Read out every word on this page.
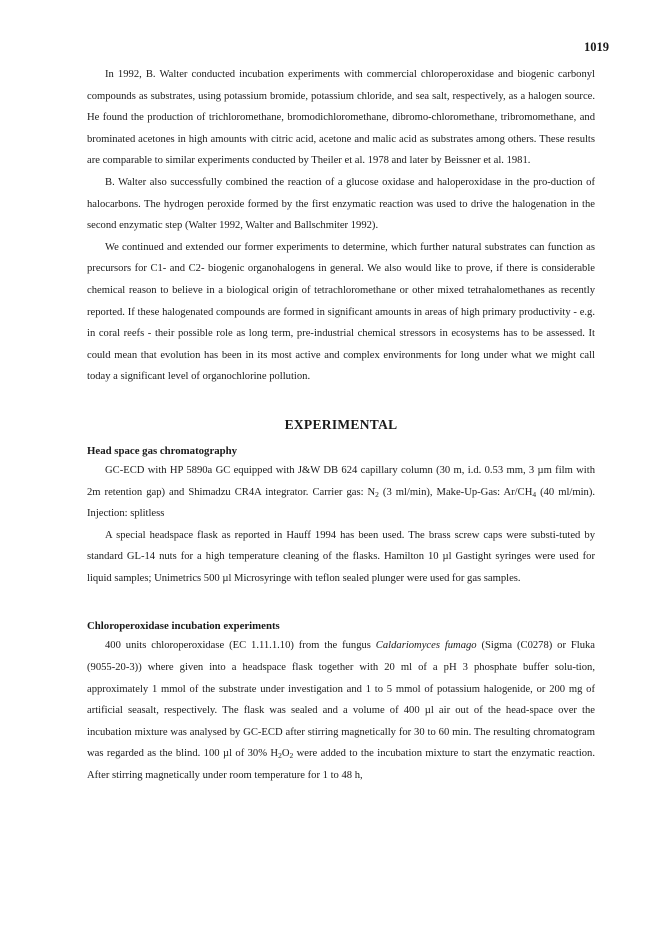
1019

In 1992, B. Walter conducted incubation experiments with commercial chloroperoxidase and biogenic carbonyl compounds as substrates, using potassium bromide, potassium chloride, and sea salt, respectively, as a halogen source. He found the production of trichloromethane, bromodichloromethane, dibromo-chloromethane, tribromomethane, and brominated acetones in high amounts with citric acid, acetone and malic acid as substrates among others. These results are comparable to similar experiments conducted by Theiler et al. 1978 and later by Beissner et al. 1981.

B. Walter also successfully combined the reaction of a glucose oxidase and haloperoxidase in the pro-duction of halocarbons. The hydrogen peroxide formed by the first enzymatic reaction was used to drive the halogenation in the second enzymatic step (Walter 1992, Walter and Ballschmiter 1992).

We continued and extended our former experiments to determine, which further natural substrates can function as precursors for C1- and C2- biogenic organohalogens in general. We also would like to prove, if there is considerable chemical reason to believe in a biological origin of tetrachloromethane or other mixed tetrahalomethanes as recently reported. If these halogenated compounds are formed in significant amounts in areas of high primary productivity - e.g. in coral reefs - their possible role as long term, pre-industrial chemical stressors in ecosystems has to be assessed. It could mean that evolution has been in its most active and complex environments for long under what we might call today a significant level of organochlorine pollution.

EXPERIMENTAL
Head space gas chromatography

GC-ECD with HP 5890a GC equipped with J&W DB 624 capillary column (30 m, i.d. 0.53 mm, 3 µm film with 2m retention gap) and Shimadzu CR4A integrator. Carrier gas: $N_2$ (3 ml/min), Make-Up-Gas: $Ar/CH_4$ (40 ml/min). Injection: splitless

A special headspace flask as reported in Hauff 1994 has been used. The brass screw caps were substi-tuted by standard GL-14 nuts for a high temperature cleaning of the flasks. Hamilton 10 µl Gastight syringes were used for liquid samples; Unimetrics 500 µl Microsyringe with teflon sealed plunger were used for gas samples.

Chloroperoxidase incubation experiments

400 units chloroperoxidase (EC 1.11.1.10) from the fungus Caldariomyces fumago (Sigma (C0278) or Fluka (9055-20-3)) where given into a headspace flask together with 20 ml of a pH 3 phosphate buffer solu-tion, approximately 1 mmol of the substrate under investigation and 1 to 5 mmol of potassium halogenide, or 200 mg of artificial seasalt, respectively. The flask was sealed and a volume of 400 µl air out of the head-space over the incubation mixture was analysed by GC-ECD after stirring magnetically for 30 to 60 min. The resulting chromatogram was regarded as the blind. 100 µl of 30% $H_2O_2$ were added to the incubation mixture to start the enzymatic reaction. After stirring magnetically under room temperature for 1 to 48 h,
